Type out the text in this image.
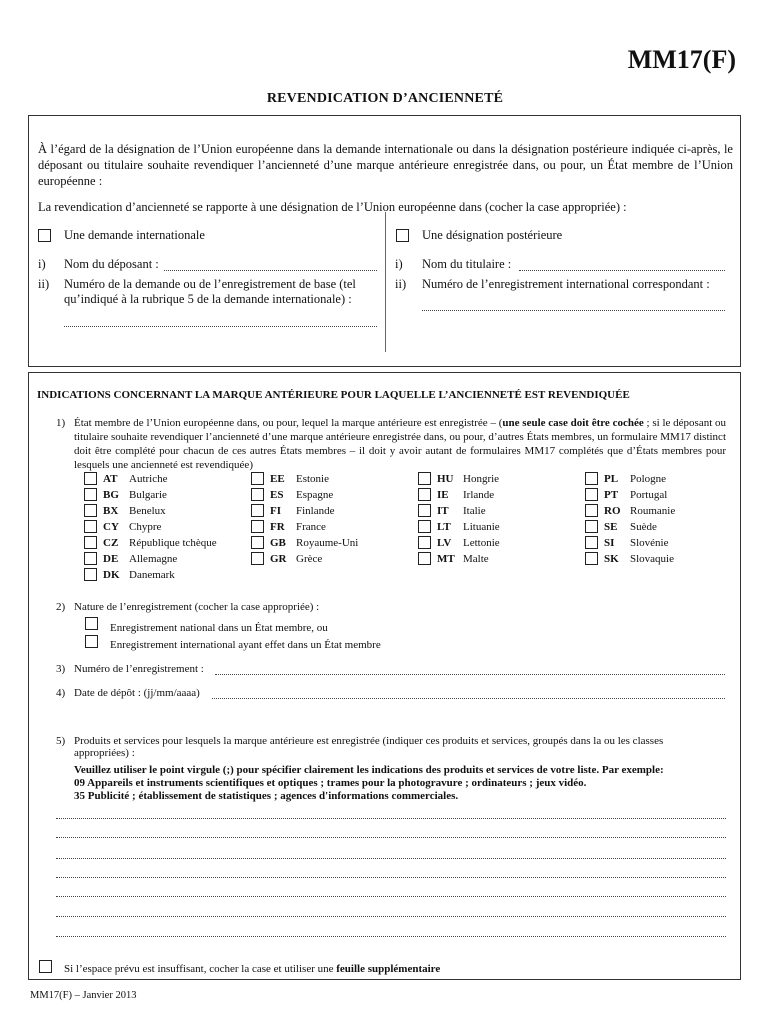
MM17(F)
REVENDICATION D’ANCIENNETÉ
À l’égard de la désignation de l’Union européenne dans la demande internationale ou dans la désignation postérieure indiquée ci-après, le déposant ou titulaire souhaite revendiquer l’ancienneté d’une marque antérieure enregistrée dans, ou pour, un État membre de l’Union européenne :
La revendication d’ancienneté se rapporte à une désignation de l’Union européenne dans (cocher la case appropriée) :
Une demande internationale
i) Nom du déposant :
ii) Numéro de la demande ou de l’enregistrement de base (tel
qu’indiqué à la rubrique 5 de la demande internationale) :
Une désignation postérieure
i) Nom du titulaire :
ii) Numéro de l’enregistrement international correspondant :
INDICATIONS CONCERNANT LA MARQUE ANTÉRIEURE POUR LAQUELLE L’ANCIENNETÉ EST REVENDIQUÉE
1) État membre de l’Union européenne dans, ou pour, lequel la marque antérieure est enregistrée – (une seule case doit être cochée ; si le déposant ou titulaire souhaite revendiquer l’ancienneté d’une marque antérieure enregistrée dans, ou pour, d’autres États membres, un formulaire MM17 distinct doit être complété pour chacun de ces autres États membres – il doit y avoir autant de formulaires MM17 complétés que d’États membres pour lesquels une ancienneté est revendiquée)
2) Nature de l’enregistrement (cocher la case appropriée) :
Enregistrement national dans un État membre, ou
Enregistrement international ayant effet dans un État membre
3) Numéro de l’enregistrement :
4) Date de dépôt : (jj/mm/aaaa)
5) Produits et services pour lesquels la marque antérieure est enregistrée (indiquer ces produits et services, groupés dans la ou les classes
appropriées) :
Veuillez utiliser le point virgule (;) pour spécifier clairement les indications des produits et services de votre liste. Par exemple:
09 Appareils et instruments scientifiques et optiques ; trames pour la photogravure ; ordinateurs ; jeux vidéo.
35 Publicité ; établissement de statistiques ; agences d'informations commerciales.
Si l’espace prévu est insuffisant, cocher la case et utiliser une feuille supplémentaire
AT Autriche
BG Bulgarie
BX Benelux
CY Chypre
CZ République tchèque
DE Allemagne
DK Danemark
EE Estonie
ES Espagne
FI Finlande
FR France
GB Royaume-Uni
GR Grèce
HU Hongrie
IE Irlande
IT Italie
LT Lituanie
LV Lettonie
MT Malte
PL Pologne
PT Portugal
RO Roumanie
SE Suède
SI Slovénie
SK Slovaquie
MM17(F) – Janvier 2013
